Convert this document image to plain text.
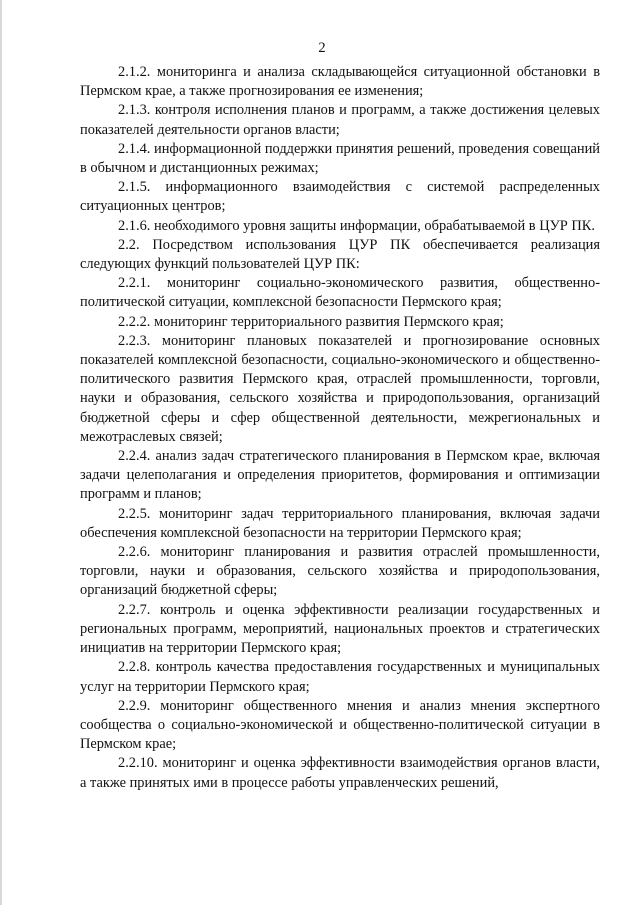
2

2.1.2. мониторинга и анализа складывающейся ситуационной обстановки в Пермском крае, а также прогнозирования ее изменения;

2.1.3. контроля исполнения планов и программ, а также достижения целевых показателей деятельности органов власти;

2.1.4. информационной поддержки принятия решений, проведения совещаний в обычном и дистанционных режимах;

2.1.5. информационного взаимодействия с системой распределенных ситуационных центров;

2.1.6. необходимого уровня защиты информации, обрабатываемой в ЦУР ПК.

2.2. Посредством использования ЦУР ПК обеспечивается реализация следующих функций пользователей ЦУР ПК:

2.2.1. мониторинг социально-экономического развития, общественно-политической ситуации, комплексной безопасности Пермского края;

2.2.2. мониторинг территориального развития Пермского края;

2.2.3. мониторинг плановых показателей и прогнозирование основных показателей комплексной безопасности, социально-экономического и общественно-политического развития Пермского края, отраслей промышленности, торговли, науки и образования, сельского хозяйства и природопользования, организаций бюджетной сферы и сфер общественной деятельности, межрегиональных и межотраслевых связей;

2.2.4. анализ задач стратегического планирования в Пермском крае, включая задачи целеполагания и определения приоритетов, формирования и оптимизации программ и планов;

2.2.5. мониторинг задач территориального планирования, включая задачи обеспечения комплексной безопасности на территории Пермского края;

2.2.6. мониторинг планирования и развития отраслей промышленности, торговли, науки и образования, сельского хозяйства и природопользования, организаций бюджетной сферы;

2.2.7. контроль и оценка эффективности реализации государственных и региональных программ, мероприятий, национальных проектов и стратегических инициатив на территории Пермского края;

2.2.8. контроль качества предоставления государственных и муниципальных услуг на территории Пермского края;

2.2.9. мониторинг общественного мнения и анализ мнения экспертного сообщества о социально-экономической и общественно-политической ситуации в Пермском крае;

2.2.10. мониторинг и оценка эффективности взаимодействия органов власти, а также принятых ими в процессе работы управленческих решений,
